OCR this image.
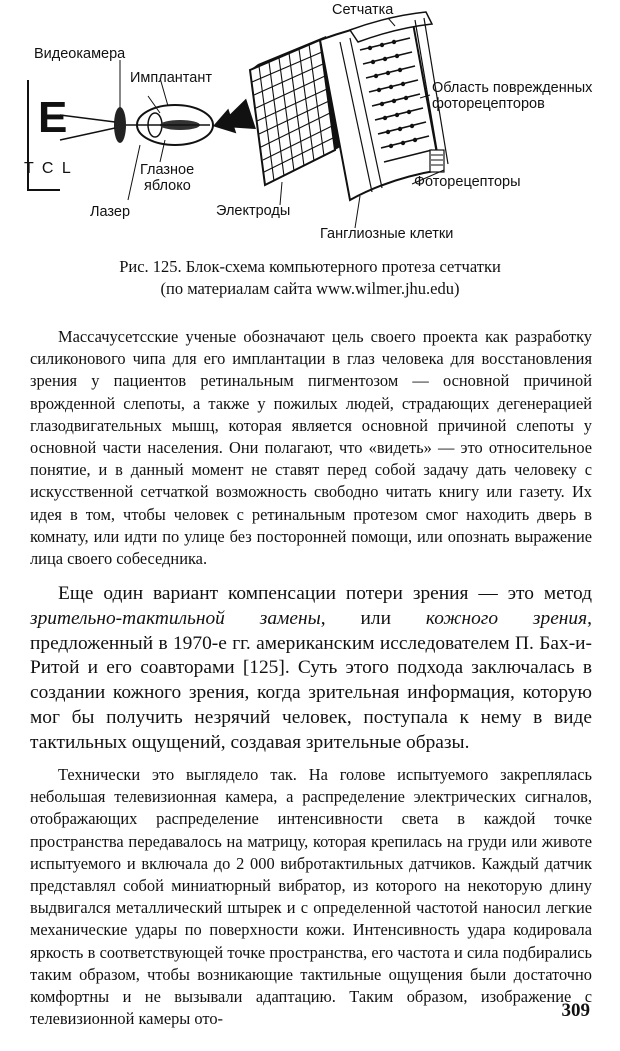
E
T C L
Сетчатка
Видеокамера
Имплантант
Область поврежденных
фоторецепторов
Фоторецепторы
Глазное
яблоко
Лазер	Электроды
Ганглиозные клетки
Рис. 125. Блок-схема компьютерного протеза сетчатки
(по материалам сайта www.wilmer.jhu.edu)

Массачусетсские ученые обозначают цель своего проекта как разработку силиконового чипа для его имплантации в глаз человека для восстановления зрения у пациентов ретинальным пигментозом — основной причиной врожденной слепоты, а также у пожилых людей, страдающих дегенерацией глазодвигательных мышц, которая является основной причиной слепоты у основной части населения. Они полагают, что «видеть» — это относительное понятие, и в данный момент не ставят перед собой задачу дать человеку с искусственной сетчаткой возможность свободно читать книгу или газету. Их идея в том, чтобы человек с ретинальным протезом смог находить дверь в комнату, или идти по улице без посторонней помощи, или опознать выражение лица своего собеседника.

Еще один вариант компенсации потери зрения — это метод зрительно-тактильной замены, или кожного зрения, предложенный в 1970-е гг. американским исследователем П. Бах-и-Ритой и его соавторами [125]. Суть этого подхода заключалась в создании кожного зрения, когда зрительная информация, которую мог бы получить незрячий человек, поступала к нему в виде тактильных ощущений, создавая зрительные образы.

Технически это выглядело так. На голове испытуемого закреплялась небольшая телевизионная камера, а распределение электрических сигналов, отображающих распределение интенсивности света в каждой точке пространства передавалось на матрицу, которая крепилась на груди или животе испытуемого и включала до 2 000 вибротактильных датчиков. Каждый датчик представлял собой миниатюрный вибратор, из которого на некоторую длину выдвигался металлический штырек и с определенной частотой наносил легкие механические удары по поверхности кожи. Интенсивность удара кодировала яркость в соответствующей точке пространства, его частота и сила подбирались таким образом, чтобы возникающие тактильные ощущения были достаточно комфортны и не вызывали адаптацию. Таким образом, изображение с телевизионной камеры ото-	309
